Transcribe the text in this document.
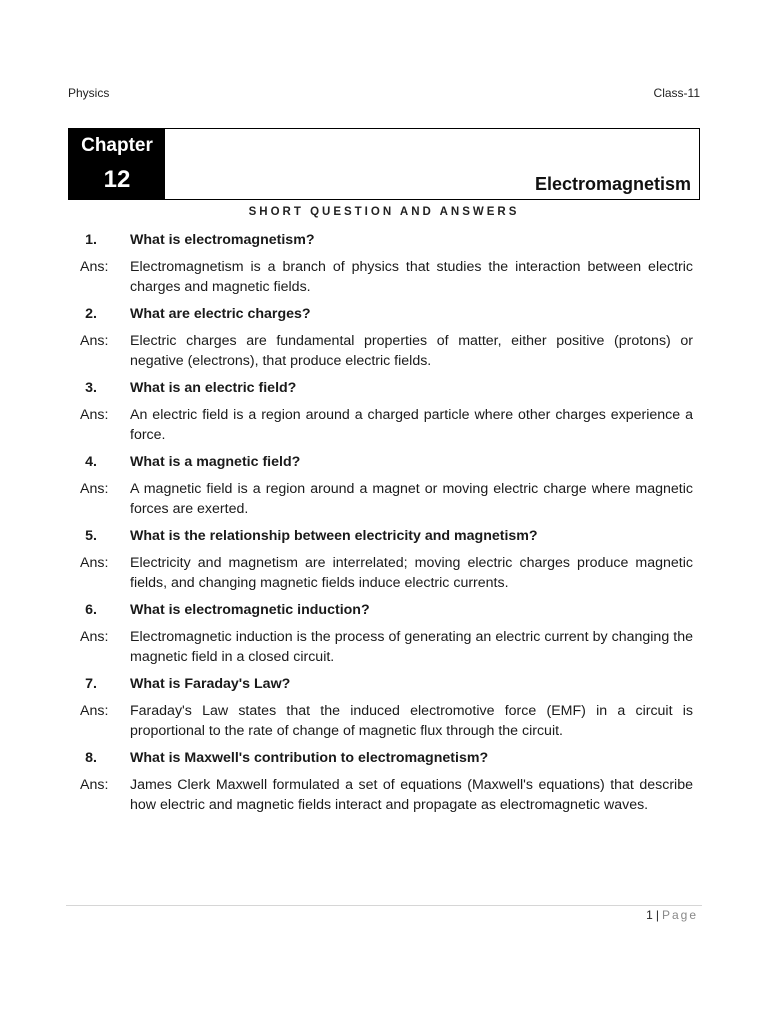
Physics	Class-11
Chapter
12	Electromagnetism
SHORT QUESTION AND ANSWERS
1.	What is electromagnetism?
Ans:	Electromagnetism is a branch of physics that studies the interaction between electric charges and magnetic fields.
2.	What are electric charges?
Ans:	Electric charges are fundamental properties of matter, either positive (protons) or negative (electrons), that produce electric fields.
3.	What is an electric field?
Ans:	An electric field is a region around a charged particle where other charges experience a force.
4.	What is a magnetic field?
Ans:	A magnetic field is a region around a magnet or moving electric charge where magnetic forces are exerted.
5.	What is the relationship between electricity and magnetism?
Ans:	Electricity and magnetism are interrelated; moving electric charges produce magnetic fields, and changing magnetic fields induce electric currents.
6.	What is electromagnetic induction?
Ans:	Electromagnetic induction is the process of generating an electric current by changing the magnetic field in a closed circuit.
7.	What is Faraday's Law?
Ans:	Faraday's Law states that the induced electromotive force (EMF) in a circuit is proportional to the rate of change of magnetic flux through the circuit.
8.	What is Maxwell's contribution to electromagnetism?
Ans:	James Clerk Maxwell formulated a set of equations (Maxwell's equations) that describe how electric and magnetic fields interact and propagate as electromagnetic waves.
1 | Page
